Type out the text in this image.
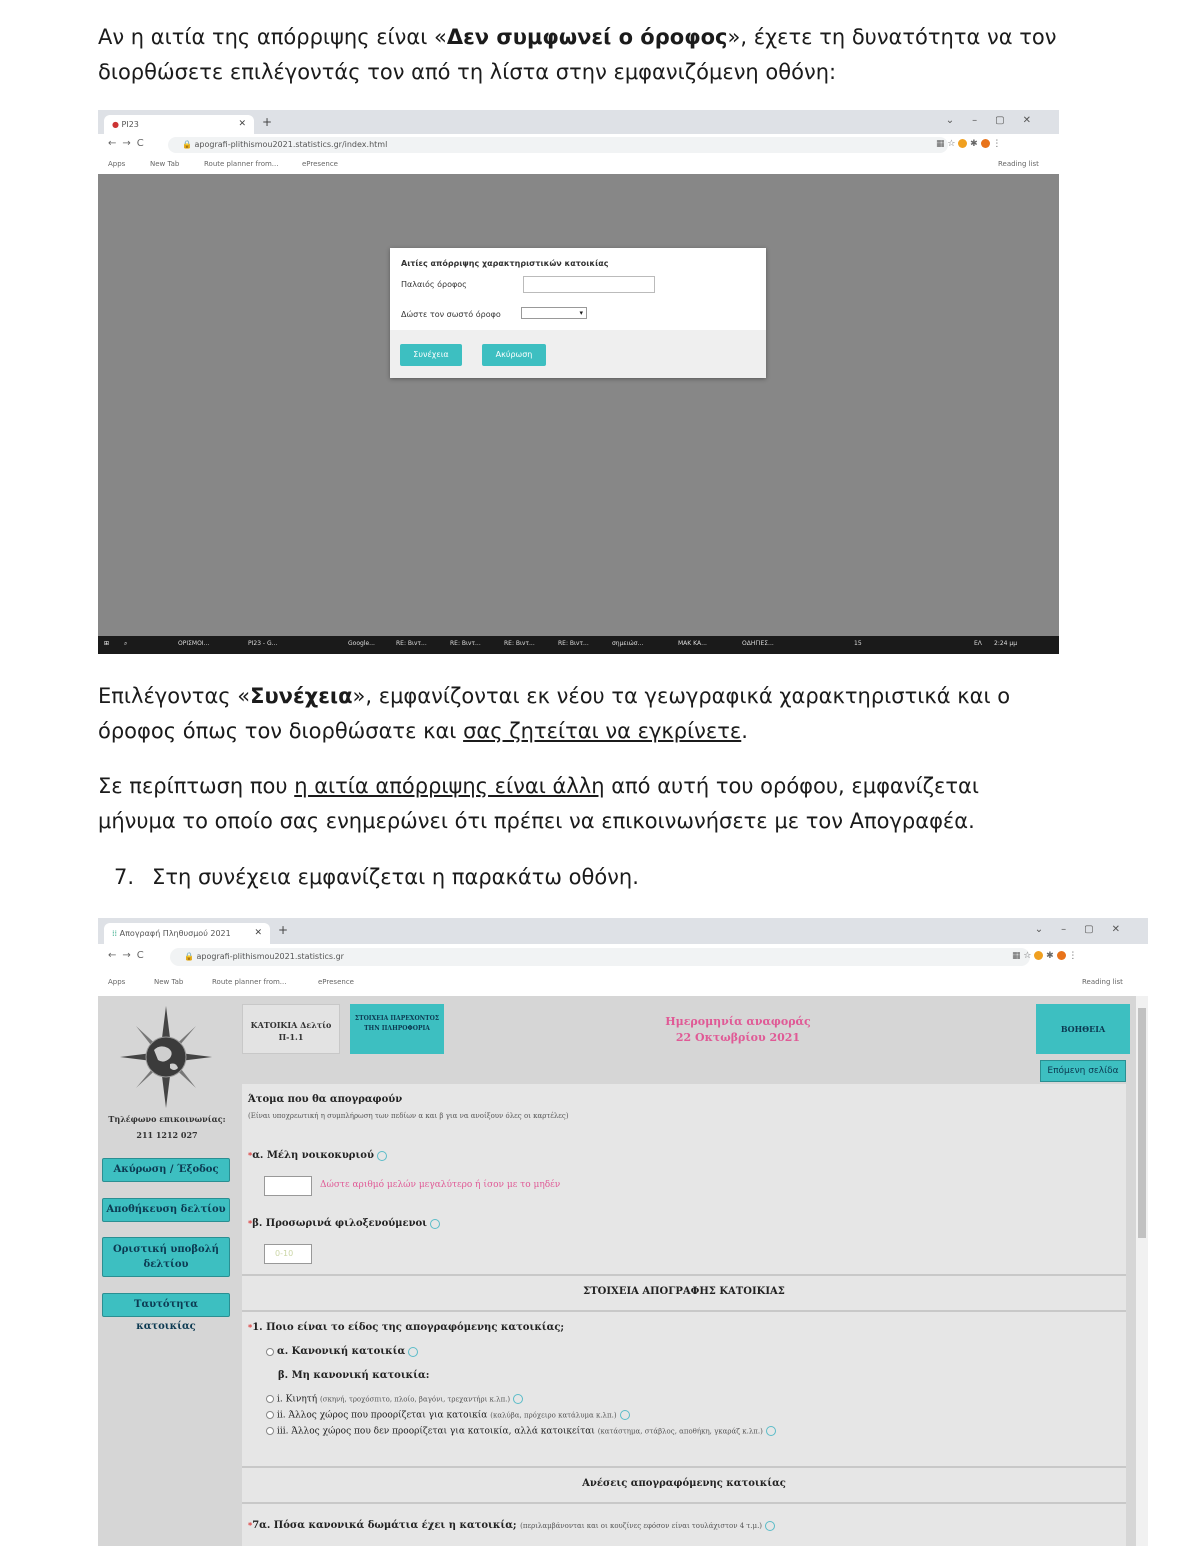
Αν η αιτία της απόρριψης είναι «Δεν συμφωνεί ο όροφος», έχετε τη δυνατότητα να τον διορθώσετε επιλέγοντάς τον από τη λίστα στην εμφανιζόμενη οθόνη:

● PI23	✕ +	⌄–▢✕
←→C	🔒 apografi-plithismou2021.statistics.gr/index.html	▦ ☆  ✱  ⋮
Apps	New Tab	Route planner from...	ePresence	Reading list
Αιτίες απόρριψης χαρακτηριστικών κατοικίας
Παλαιός όροφος
Δώστε τον σωστό όροφο	▾
Συνέχεια	Ακύρωση
⊞ ⌕	ΟΡΙΣΜΟΙ...	PI23 - G...	Google...	RE: Βιντ...	RE: Βιντ...	RE: Βιντ...	RE: Βιντ...	σημειώσ...	ΜΑΚ ΚΑ...	ΟΔΗΓΙΕΣ...	15	ΕΛ 2:24 μμ

Επιλέγοντας «Συνέχεια», εμφανίζονται εκ νέου τα γεωγραφικά χαρακτηριστικά και ο όροφος όπως τον διορθώσατε και σας ζητείται να εγκρίνετε.

Σε περίπτωση που η αιτία απόρριψης είναι άλλη από αυτή του ορόφου, εμφανίζεται μήνυμα το οποίο σας ενημερώνει ότι πρέπει να επικοινωνήσετε με τον Απογραφέα.

7. Στη συνέχεια εμφανίζεται η παρακάτω οθόνη.

⁞⁞ Απογραφή Πληθυσμού 2021	✕ +	⌄–▢✕
←→C	🔒 apografi-plithismou2021.statistics.gr	▦ ☆  ✱  ⋮
Apps	New Tab	Route planner from...	ePresence	Reading list
Τηλέφωνο επικοινωνίας:
211 1212 027
Ακύρωση / Έξοδος
Αποθήκευση δελτίου
Οριστική υποβολή δελτίου
Ταυτότητα κατοικίας
ΚΑΤΟΙΚΙΑ Δελτίο Π-1.1
ΣΤΟΙΧΕΙΑ ΠΑΡΕΧΟΝΤΟΣ ΤΗΝ ΠΛΗΡΟΦΟΡΙΑ
Ημερομηνία αναφοράς
22 Οκτωβρίου 2021
ΒΟΗΘΕΙΑ
Επόμενη σελίδα
Άτομα που θα απογραφούν
(Είναι υποχρεωτική η συμπλήρωση των πεδίων α και β για να ανοίξουν όλες οι καρτέλες)
*α. Μέλη νοικοκυριού
Δώστε αριθμό μελών μεγαλύτερο ή ίσον με το μηδέν
*β. Προσωρινά φιλοξενούμενοι
0-10
ΣΤΟΙΧΕΙΑ ΑΠΟΓΡΑΦΗΣ ΚΑΤΟΙΚΙΑΣ
*1. Ποιο είναι το είδος της απογραφόμενης κατοικίας;
α. Κανονική κατοικία
β. Μη κανονική κατοικία:
i. Κινητή (σκηνή, τροχόσπιτο, πλοίο, βαγόνι, τρεχαντήρι κ.λπ.)
ii. Άλλος χώρος που προορίζεται για κατοικία (καλύβα, πρόχειρο κατάλυμα κ.λπ.)
iii. Άλλος χώρος που δεν προορίζεται για κατοικία, αλλά κατοικείται (κατάστημα, στάβλος, αποθήκη, γκαράζ κ.λπ.)
Ανέσεις απογραφόμενης κατοικίας
*7α. Πόσα κανονικά δωμάτια έχει η κατοικία; (περιλαμβάνονται και οι κουζίνες εφόσον είναι τουλάχιστον 4 τ.μ.)
